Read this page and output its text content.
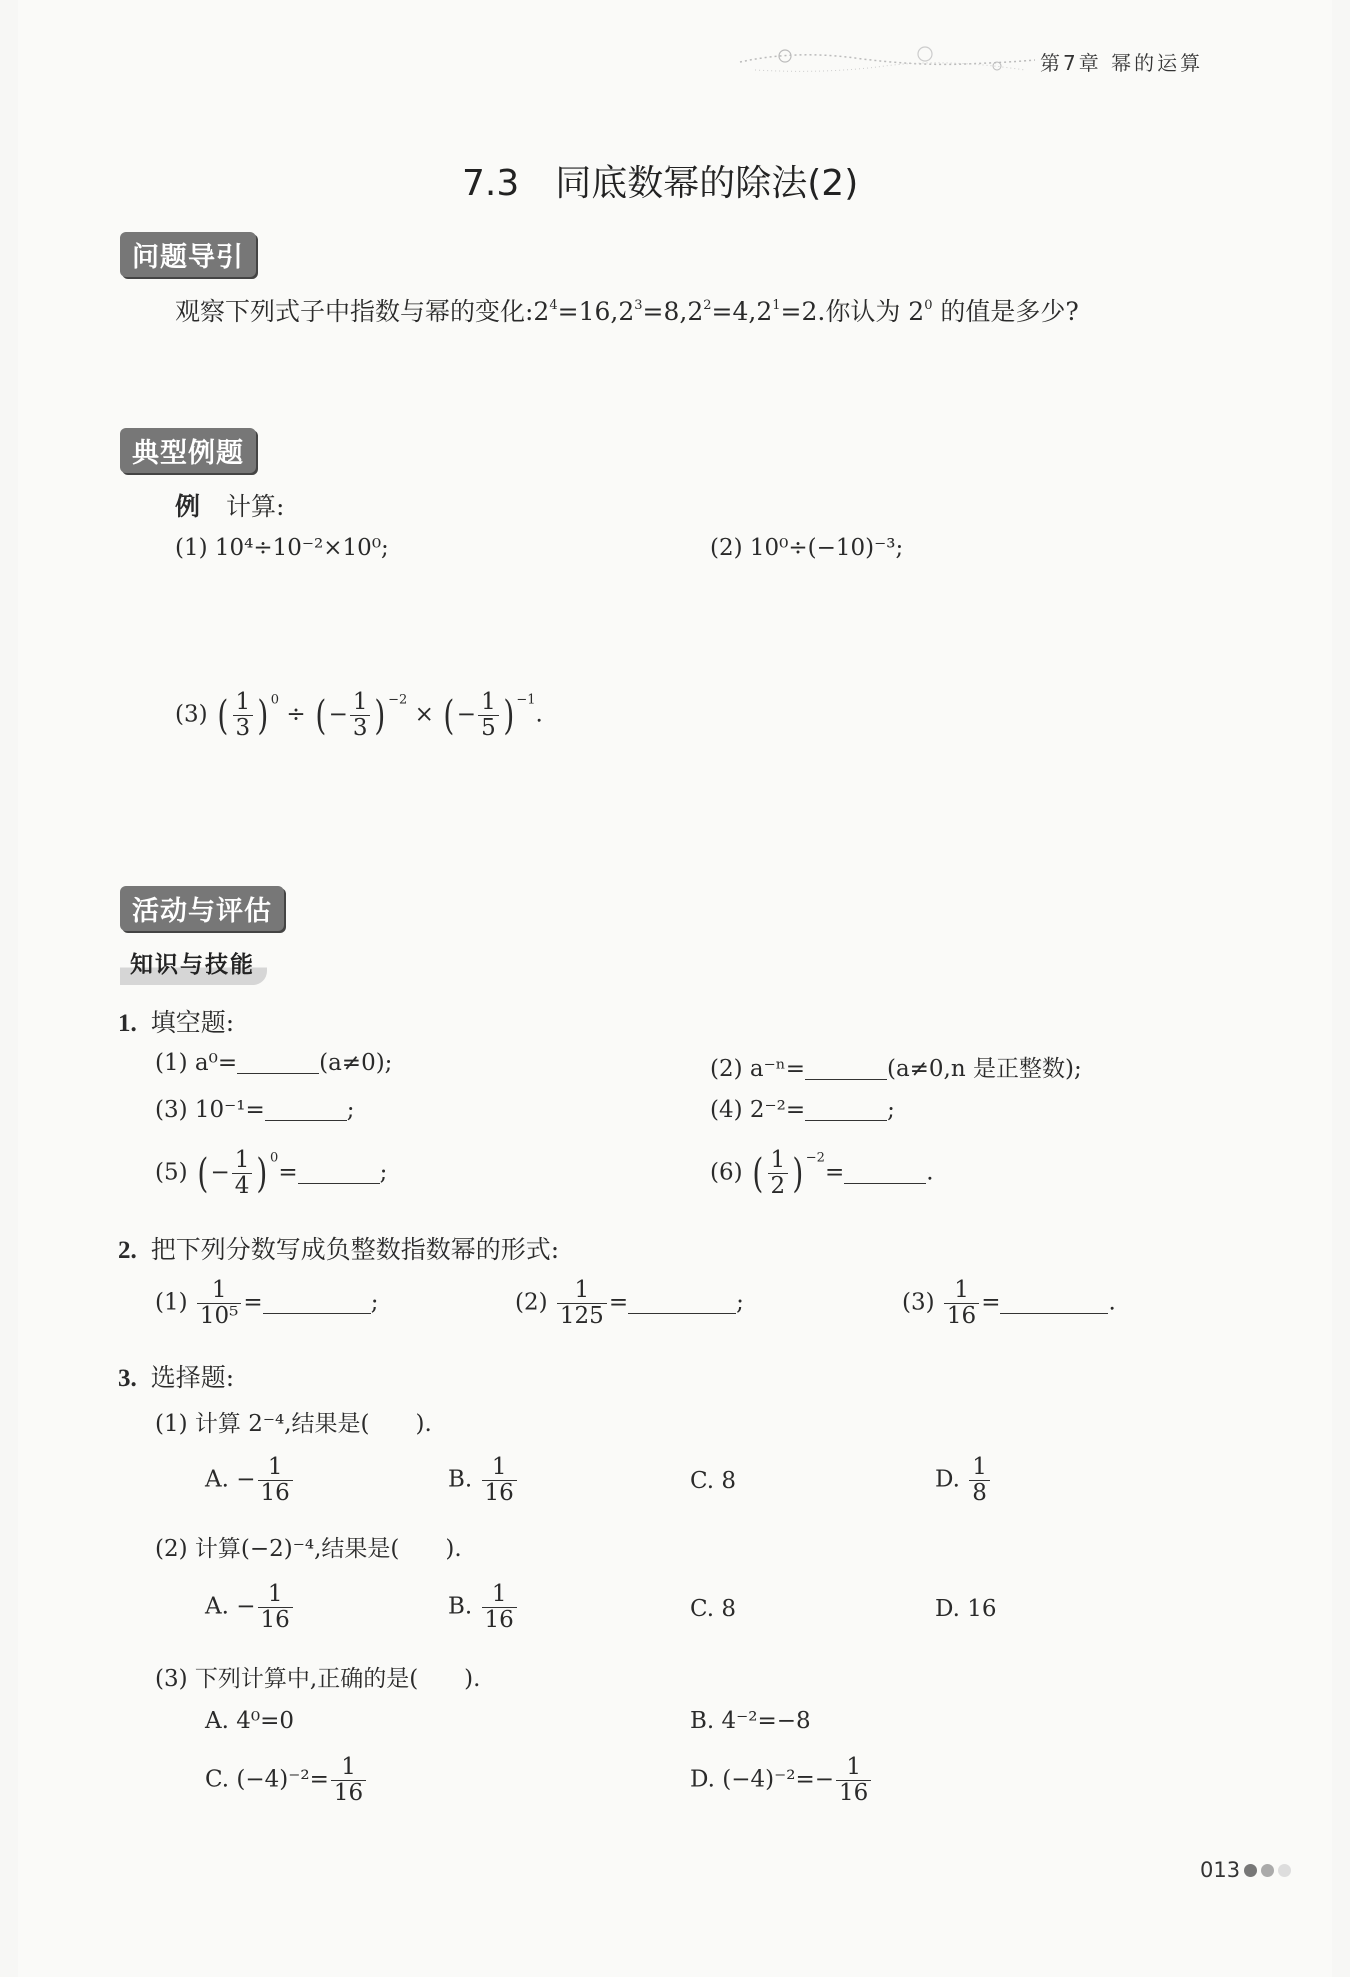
第7章 幂的运算
7.3　同底数幂的除法(2)
问题导引
观察下列式子中指数与幂的变化$:2^4=16,2^3=8,2^2=4,2^1=2$.你认为 $2^0$ 的值是多少?
典型例题
例 计算:
(1) 10⁴÷10⁻²×10⁰;	(2) 10⁰÷(−10)⁻³;
(3) ( $\frac{1}{3}$ ) $^0$ ÷ ( − $\frac{1}{3}$ ) $^{-2}$ × ( − $\frac{1}{5}$ ) $^{-1}$.
活动与评估
知识与技能
1. 填空题:
(1) a⁰=	(a≠0);	(2) a⁻ⁿ=	(a≠0,n 是正整数);
(3) 10⁻¹=	;	(4) 2⁻²=	;
(5) ( − $\frac{1}{4}$ ) $^0$=	;	(6) ( $\frac{1}{2}$ ) $^{-2}$=	.
2. 把下列分数写成负整数指数幂的形式:
$(1) \frac{1}{\text{10⁵}}$ =	;	$(2) \frac{1}{125}$ =	;	$(3) \frac{1}{16}$ =	.
3. 选择题:
(1) 计算 2⁻⁴,结果是(　　).
A. − $\frac{1}{16}$	B. $\frac{1}{16}$	C. 8	D. $\frac{1}{8}$
(2) 计算(−2)⁻⁴,结果是(　　).
A. − $\frac{1}{16}$	B. $\frac{1}{16}$	C. 8	D. 16
(3) 下列计算中,正确的是(　　).
A. 4⁰=0	B. 4⁻²=−8
C. $(-4)^{-2}= \frac{1}{16}$	D. $(-4)^{-2}=- \frac{1}{16}$
013
